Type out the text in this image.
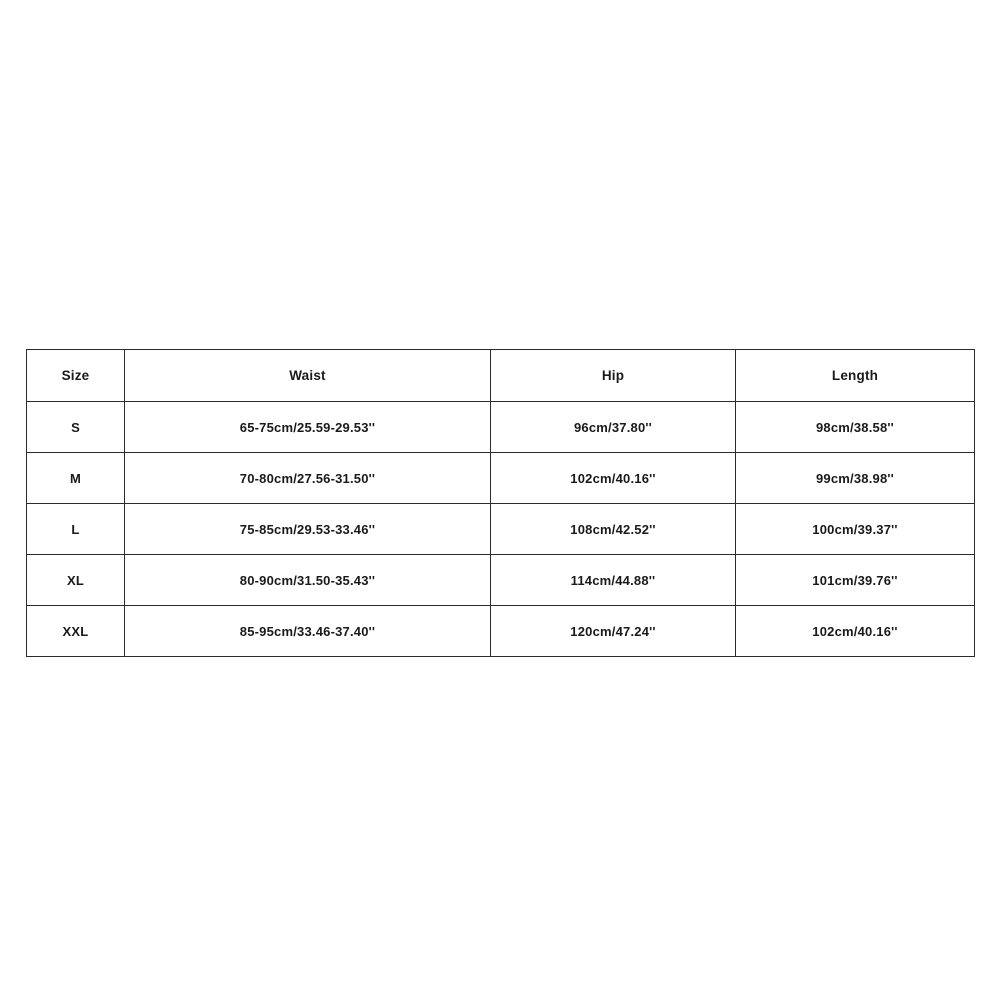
Size	Waist	Hip	Length
S	65-75cm/25.59-29.53''	96cm/37.80''	98cm/38.58''
M	70-80cm/27.56-31.50''	102cm/40.16''	99cm/38.98''
L	75-85cm/29.53-33.46''	108cm/42.52''	100cm/39.37''
XL	80-90cm/31.50-35.43''	114cm/44.88''	101cm/39.76''
XXL	85-95cm/33.46-37.40''	120cm/47.24''	102cm/40.16''
